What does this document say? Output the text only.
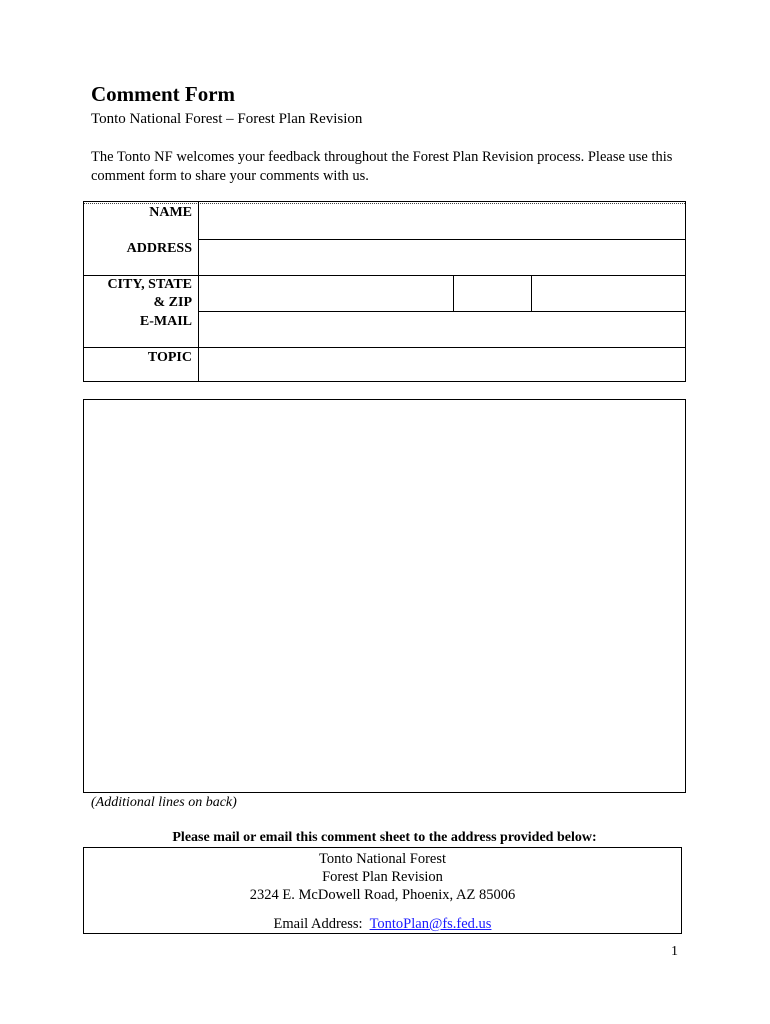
Comment Form
Tonto National Forest – Forest Plan Revision
The Tonto NF welcomes your feedback throughout the Forest Plan Revision process. Please use this comment form to share your comments with us.
NAME
ADDRESS
CITY, STATE
& ZIP
E-MAIL
TOPIC
(Additional lines on back)
Please mail or email this comment sheet to the address provided below:
Tonto National Forest
Forest Plan Revision
2324 E. McDowell Road, Phoenix, AZ 85006
Email Address: TontoPlan@fs.fed.us
1
